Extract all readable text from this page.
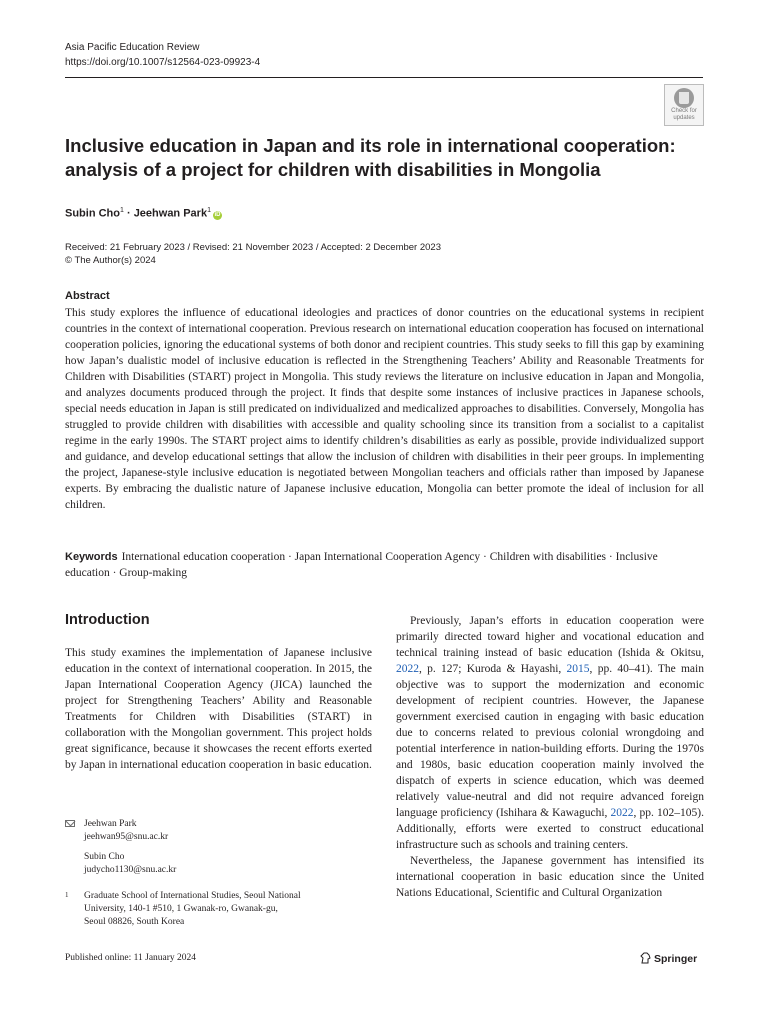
Asia Pacific Education Review
https://doi.org/10.1007/s12564-023-09923-4
Check for
updates
Inclusive education in Japan and its role in international cooperation:
analysis of a project for children with disabilities in Mongolia
Subin Cho$^1$ · Jeehwan Park$^1$iD
Received: 21 February 2023 / Revised: 21 November 2023 / Accepted: 2 December 2023
© The Author(s) 2024
Abstract

This study explores the influence of educational ideologies and practices of donor countries on the educational systems in recipient countries in the context of international cooperation. Previous research on international education cooperation has focused on international cooperation policies, ignoring the educational systems of both donor and recipient countries. This study seeks to fill this gap by examining how Japan’s dualistic model of inclusive education is reflected in the Strengthening Teachers’ Ability and Reasonable Treatments for Children with Disabilities (START) project in Mongolia. This study reviews the literature on inclusive education in Japan and Mongolia, and analyzes documents produced through the project. It finds that despite some instances of inclusive practices in Japanese schools, special needs education in Japan is still predicated on individualized and medicalized approaches to disabilities. Conversely, Mongolia has struggled to provide children with disabilities with accessible and quality schooling since its transition from a socialist to a capitalist regime in the early 1990s. The START project aims to identify children’s disabilities as early as possible, provide individualized support and guidance, and develop educational settings that allow the inclusion of children with disabilities in their peer groups. In implementing the project, Japanese-style inclusive education is negotiated between Mongolian teachers and officials rather than imposed by Japanese experts. By embracing the dualistic nature of Japanese inclusive education, Mongolia can better promote the ideal of inclusion for all children.

Keywords International education cooperation · Japan International Cooperation Agency · Children with disabilities · Inclusive education · Group-making

Introduction

This study examines the implementation of Japanese inclusive education in the context of international cooperation. In 2015, the Japan International Cooperation Agency (JICA) launched the project for Strengthening Teachers’ Ability and Reasonable Treatments for Children with Disabilities (START) in collaboration with the Mongolian government. This project holds great significance, because it showcases the recent efforts exerted by Japan in international education cooperation in basic education.

Previously, Japan’s efforts in education cooperation were primarily directed toward higher and vocational education and technical training instead of basic education (Ishida & Okitsu, 2022, p. 127; Kuroda & Hayashi, 2015, pp. 40–41). The main objective was to support the modernization and economic development of recipient countries. However, the Japanese government exercised caution in engaging with basic education due to concerns related to previous colonial wrongdoing and potential interference in nation-building efforts. During the 1970s and 1980s, basic education cooperation mainly involved the dispatch of experts in science education, which was deemed relatively value-neutral and did not require advanced foreign language proficiency (Ishihara & Kawaguchi, 2022, pp. 102–105). Additionally, efforts were exerted to construct educational infrastructure such as schools and training centers.

Nevertheless, the Japanese government has intensified its international cooperation in basic education since the United Nations Educational, Scientific and Cultural Organization

Jeehwan Park
jeehwan95@snu.ac.kr
Subin Cho
judycho1130@snu.ac.kr
1 Graduate School of International Studies, Seoul National
University, 140-1 #510, 1 Gwanak-ro, Gwanak-gu,
Seoul 08826, South Korea
Published online: 11 January 2024	Springer
